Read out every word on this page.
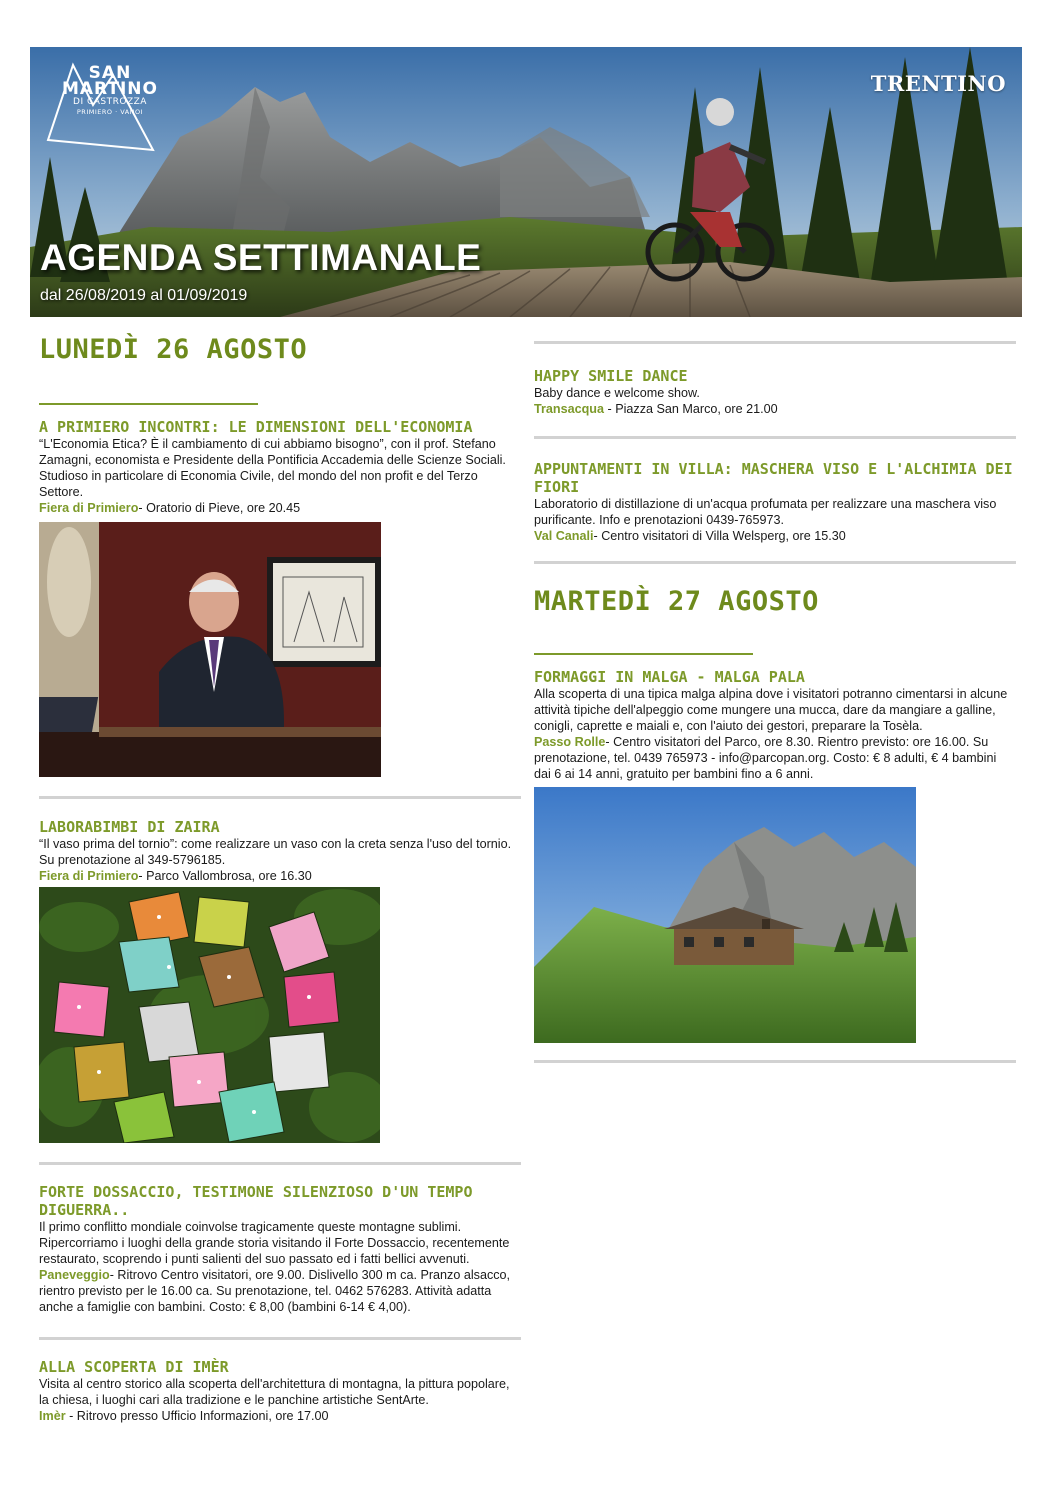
SAN
MARTINO
DI CASTROZZA
PRIMIERO · VANOI
TRENTINO
AGENDA SETTIMANALE
dal 26/08/2019 al 01/09/2019
LUNEDÌ 26 AGOSTO
A PRIMIERO INCONTRI: LE DIMENSIONI DELL'ECONOMIA
“L'Economia Etica? È il cambiamento di cui abbiamo bisogno”, con il prof. Stefano Zamagni, economista e Presidente della Pontificia Accademia delle Scienze Sociali. Studioso in particolare di Economia Civile, del mondo del non profit e del Terzo Settore.
Fiera di Primiero- Oratorio di Pieve, ore 20.45
LABORABIMBI DI ZAIRA
“Il vaso prima del tornio”: come realizzare un vaso con la creta senza l'uso del tornio. Su prenotazione al 349-5796185.
Fiera di Primiero- Parco Vallombrosa, ore 16.30
FORTE DOSSACCIO, TESTIMONE SILENZIOSO D'UN TEMPO DIGUERRA..
Il primo conflitto mondiale coinvolse tragicamente queste montagne sublimi. Ripercorriamo i luoghi della grande storia visitando il Forte Dossaccio, recentemente restaurato, scoprendo i punti salienti del suo passato ed i fatti bellici avvenuti.
Paneveggio- Ritrovo Centro visitatori, ore 9.00. Dislivello 300 m ca. Pranzo alsacco, rientro previsto per le 16.00 ca. Su prenotazione, tel. 0462 576283. Attività adatta anche a famiglie con bambini. Costo: € 8,00 (bambini 6-14 € 4,00).
ALLA SCOPERTA DI IMÈR
Visita al centro storico alla scoperta dell'architettura di montagna, la pittura popolare, la chiesa, i luoghi cari alla tradizione e le panchine artistiche SentArte.
Imèr - Ritrovo presso Ufficio Informazioni, ore 17.00
HAPPY SMILE DANCE
Baby dance e welcome show.
Transacqua - Piazza San Marco, ore 21.00
APPUNTAMENTI IN VILLA: MASCHERA VISO E L'ALCHIMIA DEI FIORI
Laboratorio di distillazione di un'acqua profumata per realizzare una maschera viso purificante. Info e prenotazioni 0439-765973.
Val Canali- Centro visitatori di Villa Welsperg, ore 15.30
MARTEDÌ 27 AGOSTO
FORMAGGI IN MALGA - MALGA PALA
Alla scoperta di una tipica malga alpina dove i visitatori potranno cimentarsi in alcune attività tipiche dell'alpeggio come mungere una mucca, dare da mangiare a galline, conigli, caprette e maiali e, con l'aiuto dei gestori, preparare la Tosèla.
Passo Rolle- Centro visitatori del Parco, ore 8.30. Rientro previsto: ore 16.00. Su prenotazione, tel. 0439 765973 - info@parcopan.org. Costo: € 8 adulti, € 4 bambini dai 6 ai 14 anni, gratuito per bambini fino a 6 anni.
